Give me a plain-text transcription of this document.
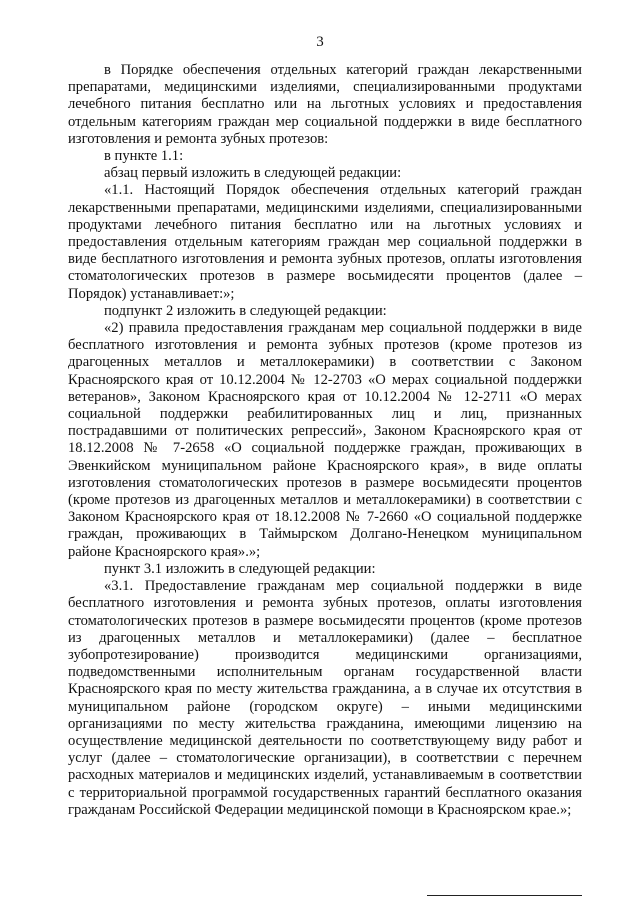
3

в Порядке обеспечения отдельных категорий граждан лекарственными препаратами, медицинскими изделиями, специализированными продуктами лечебного питания бесплатно или на льготных условиях и предоставления отдельным категориям граждан мер социальной поддержки в виде бесплатного изготовления и ремонта зубных протезов:

в пункте 1.1:

абзац первый изложить в следующей редакции:

«1.1. Настоящий Порядок обеспечения отдельных категорий граждан лекарственными препаратами, медицинскими изделиями, специализированными продуктами лечебного питания бесплатно или на льготных условиях и предоставления отдельным категориям граждан мер социальной поддержки в виде бесплатного изготовления и ремонта зубных протезов, оплаты изготовления стоматологических протезов в размере восьмидесяти процентов (далее – Порядок) устанавливает:»;

подпункт 2 изложить в следующей редакции:

«2) правила предоставления гражданам мер социальной поддержки в виде бесплатного изготовления и ремонта зубных протезов (кроме протезов из драгоценных металлов и металлокерамики) в соответствии с Законом Красноярского края от 10.12.2004 № 12-2703 «О мерах социальной поддержки ветеранов», Законом Красноярского края от 10.12.2004 № 12-2711 «О мерах социальной поддержки реабилитированных лиц и лиц, признанных пострадавшими от политических репрессий», Законом Красноярского края от 18.12.2008 № 7-2658 «О социальной поддержке граждан, проживающих в Эвенкийском муниципальном районе Красноярского края», в виде оплаты изготовления стоматологических протезов в размере восьмидесяти процентов (кроме протезов из драгоценных металлов и металлокерамики) в соответствии с Законом Красноярского края от 18.12.2008 № 7-2660 «О социальной поддержке граждан, проживающих в Таймырском Долгано-Ненецком муниципальном районе Красноярского края».»;

пункт 3.1 изложить в следующей редакции:

«3.1. Предоставление гражданам мер социальной поддержки в виде бесплатного изготовления и ремонта зубных протезов, оплаты изготовления стоматологических протезов в размере восьмидесяти процентов (кроме протезов из драгоценных металлов и металлокерамики) (далее – бесплатное зубопротезирование) производится медицинскими организациями, подведомственными исполнительным органам государственной власти Красноярского края по месту жительства гражданина, а в случае их отсутствия в муниципальном районе (городском округе) – иными медицинскими организациями по месту жительства гражданина, имеющими лицензию на осуществление медицинской деятельности по соответствующему виду работ и услуг (далее – стоматологические организации), в соответствии с перечнем расходных материалов и медицинских изделий, устанавливаемым в соответствии с территориальной программой государственных гарантий бесплатного оказания гражданам Российской Федерации медицинской помощи в Красноярском крае.»;
